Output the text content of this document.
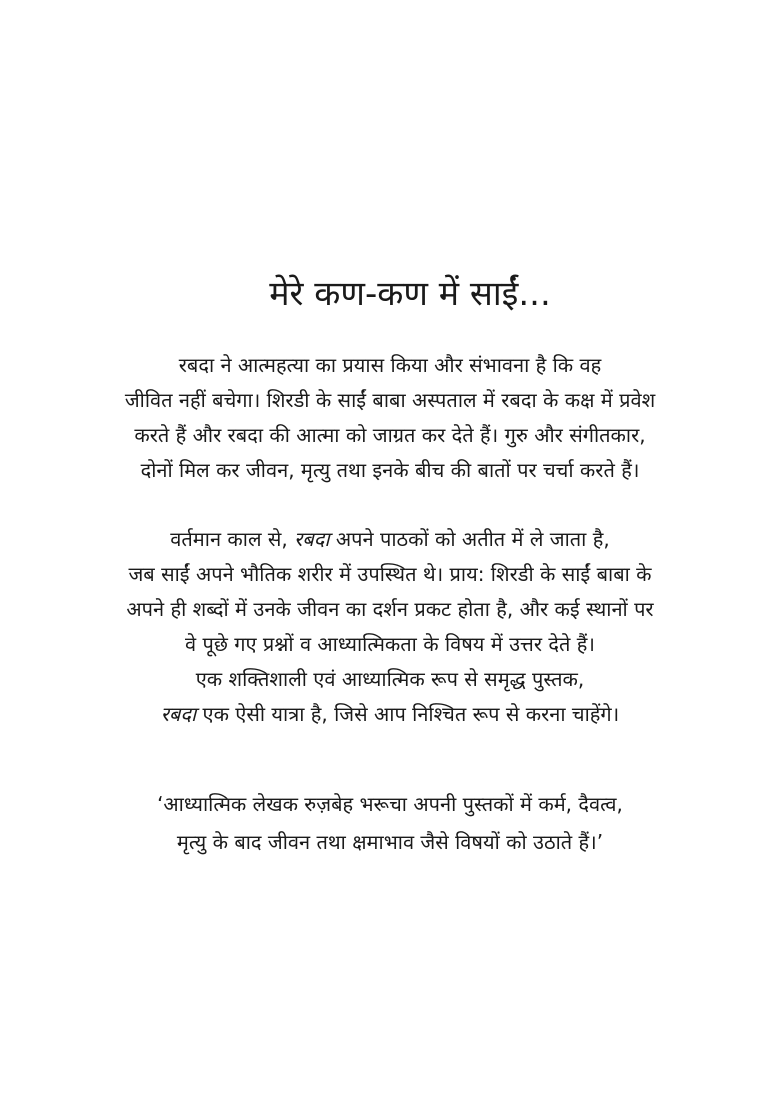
मेरे कण-कण में साईं...
रबदा ने आत्महत्या का प्रयास किया और संभावना है कि वह
जीवित नहीं बचेगा। शिरडी के साईं बाबा अस्पताल में रबदा के कक्ष में प्रवेश
करते हैं और रबदा की आत्मा को जाग्रत कर देते हैं। गुरु और संगीतकार,
दोनों मिल कर जीवन, मृत्यु तथा इनके बीच की बातों पर चर्चा करते हैं।
वर्तमान काल से, रबदा अपने पाठकों को अतीत में ले जाता है,
जब साईं अपने भौतिक शरीर में उपस्थित थे। प्राय: शिरडी के साईं बाबा के
अपने ही शब्दों में उनके जीवन का दर्शन प्रकट होता है, और कई स्थानों पर
वे पूछे गए प्रश्नों व आध्यात्मिकता के विषय में उत्तर देते हैं।
एक शक्तिशाली एवं आध्यात्मिक रूप से समृद्ध पुस्तक,
रबदा एक ऐसी यात्रा है, जिसे आप निश्चित रूप से करना चाहेंगे।
‘आध्यात्मिक लेखक रुज़बेह भरूचा अपनी पुस्तकों में कर्म, दैवत्व,
मृत्यु के बाद जीवन तथा क्षमाभाव जैसे विषयों को उठाते हैं।’
